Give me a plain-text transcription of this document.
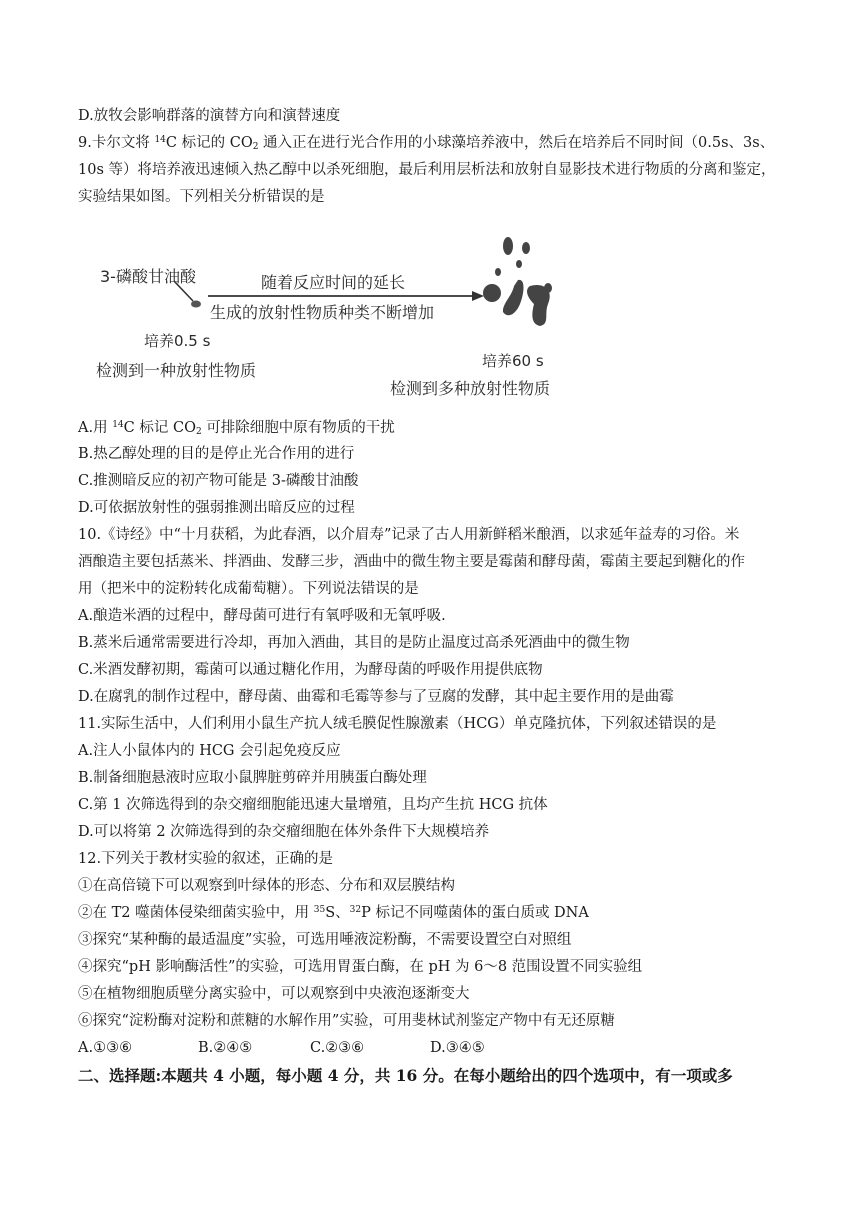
D.放牧会影响群落的演替方向和演替速度
9.卡尔文将 $^{14}$C 标记的 $CO_2$ 通入正在进行光合作用的小球藻培养液中，然后在培养后不同时间（0.5s、3s、
10s 等）将培养液迅速倾入热乙醇中以杀死细胞，最后利用层析法和放射自显影技术进行物质的分离和鉴定，
实验结果如图。下列相关分析错误的是
3-磷酸甘油酸	随着反应时间的延长
生成的放射性物质种类不断增加
培养0.5 s
检测到一种放射性物质	培养60 s
检测到多种放射性物质
A.用 $^{14}$C 标记 $CO_2$ 可排除细胞中原有物质的干扰
B.热乙醇处理的目的是停止光合作用的进行
C.推测暗反应的初产物可能是 3-磷酸甘油酸
D.可依据放射性的强弱推测出暗反应的过程
10.《诗经》中“十月获稻，为此春酒，以介眉寿”记录了古人用新鲜稻米酿酒，以求延年益寿的习俗。米
酒酿造主要包括蒸米、拌酒曲、发酵三步，酒曲中的微生物主要是霉菌和酵母菌，霉菌主要起到糖化的作
用（把米中的淀粉转化成葡萄糖）。下列说法错误的是
A.酿造米酒的过程中，酵母菌可进行有氧呼吸和无氧呼吸.
B.蒸米后通常需要进行冷却，再加入酒曲，其目的是防止温度过高杀死酒曲中的微生物
C.米酒发酵初期，霉菌可以通过糖化作用，为酵母菌的呼吸作用提供底物
D.在腐乳的制作过程中，酵母菌、曲霉和毛霉等参与了豆腐的发酵，其中起主要作用的是曲霉
11.实际生活中，人们利用小鼠生产抗人绒毛膜促性腺激素（HCG）单克隆抗体，下列叙述错误的是
A.注人小鼠体内的 HCG 会引起免疫反应
B.制备细胞悬液时应取小鼠脾脏剪碎并用胰蛋白酶处理
C.第 1 次筛选得到的杂交瘤细胞能迅速大量增殖，且均产生抗 HCG 抗体
D.可以将第 2 次筛选得到的杂交瘤细胞在体外条件下大规模培养
12.下列关于教材实验的叙述，正确的是
①在高倍镜下可以观察到叶绿体的形态、分布和双层膜结构
②在 T2 噬菌体侵染细菌实验中，用 $^{35}$S、$^{32}$P 标记不同噬菌体的蛋白质或 DNA
③探究“某种酶的最适温度”实验，可选用唾液淀粉酶，不需要设置空白对照组
④探究“pH 影响酶活性”的实验，可选用胃蛋白酶，在 pH 为 6～8 范围设置不同实验组
⑤在植物细胞质壁分离实验中，可以观察到中央液泡逐渐变大
⑥探究“淀粉酶对淀粉和蔗糖的水解作用”实验，可用斐林试剂鉴定产物中有无还原糖
A.①③⑥	B.②④⑤	C.②③⑥	D.③④⑤
二、选择题:本题共 4 小题，每小题 4 分，共 16 分。在每小题给出的四个选项中，有一项或多
